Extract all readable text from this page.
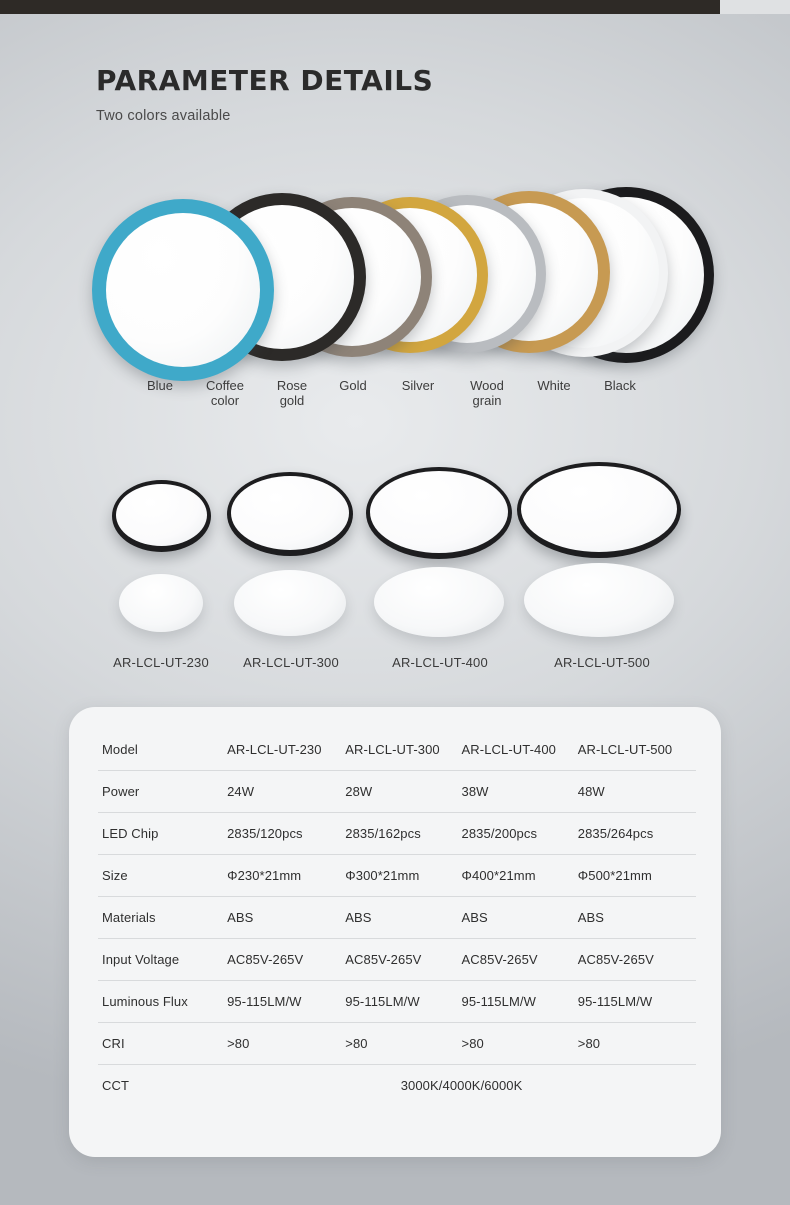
PARAMETER DETAILS
Two colors available
Blue	Coffee
color
Rose
gold
Gold	Silver	Wood
grain
White	Black
AR-LCL-UT-230	AR-LCL-UT-300	AR-LCL-UT-400	AR-LCL-UT-500
Model	AR-LCL-UT-230	AR-LCL-UT-300	AR-LCL-UT-400	AR-LCL-UT-500
Power	24W	28W	38W	48W
LED Chip	2835/120pcs	2835/162pcs	2835/200pcs	2835/264pcs
Size	Φ230*21mm	Φ300*21mm	Φ400*21mm	Φ500*21mm
Materials	ABS	ABS	ABS	ABS
Input Voltage	AC85V-265V	AC85V-265V	AC85V-265V	AC85V-265V
Luminous Flux	95-115LM/W	95-115LM/W	95-115LM/W	95-115LM/W
CRI	>80	>80	>80	>80
CCT	3000K/4000K/6000K			
